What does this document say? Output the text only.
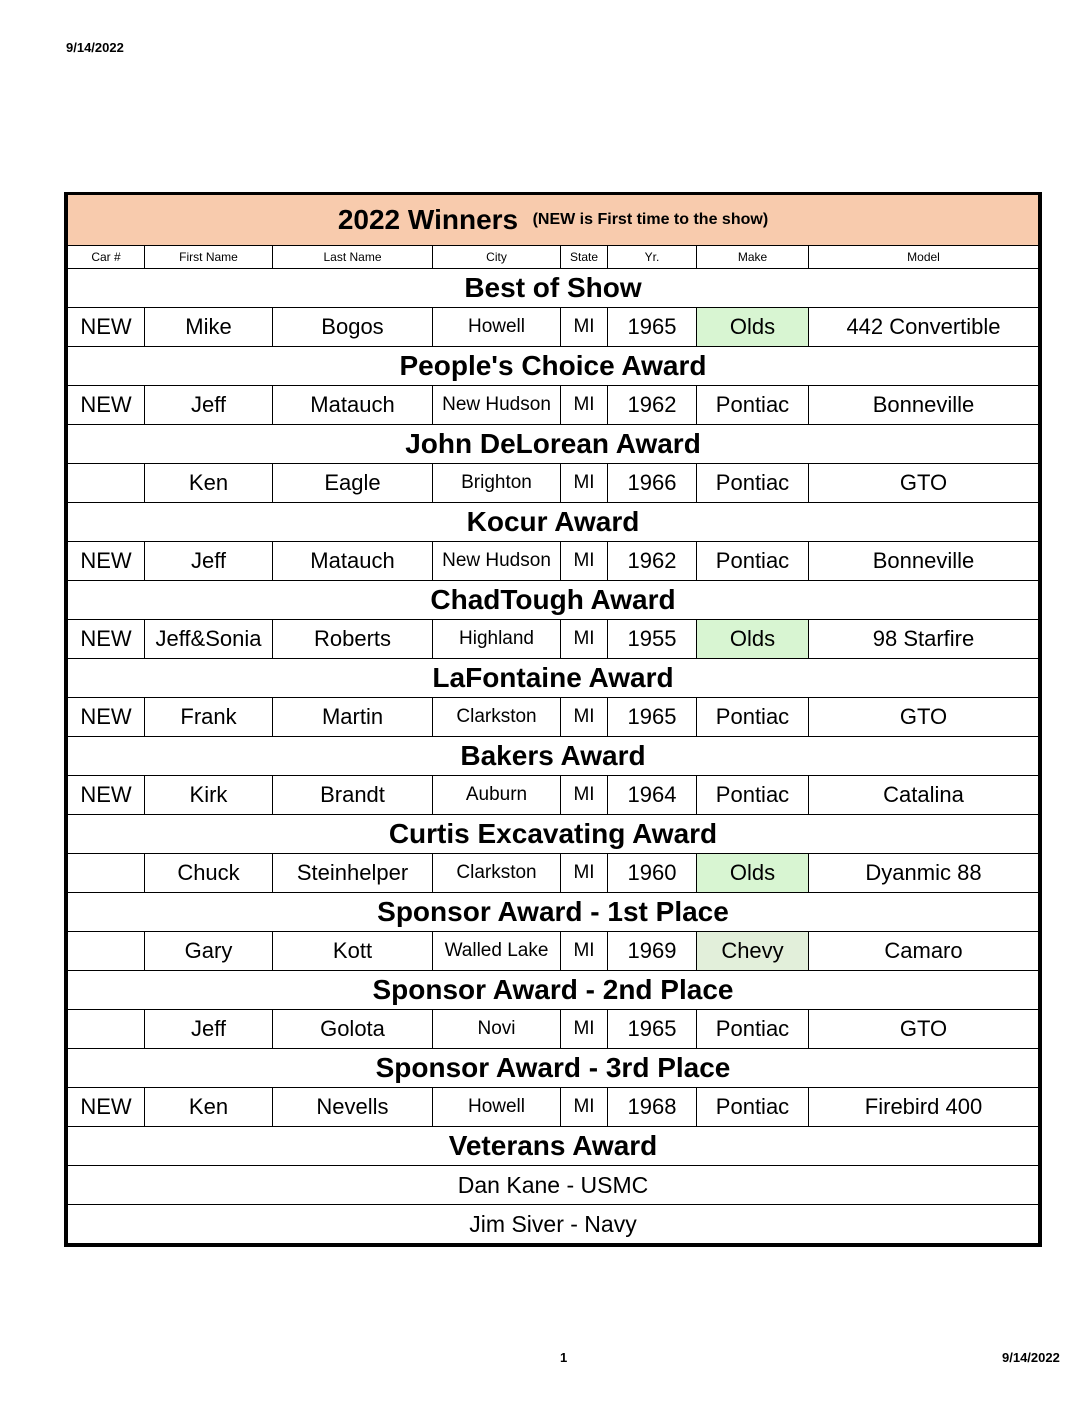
9/14/2022
2022 Winners (NEW is First time to the show)							
Car #	First Name	Last Name	City	State	Yr.	Make	Model
Best of Show							
NEW	Mike	Bogos	Howell	MI	1965	Olds	442 Convertible
People's Choice Award							
NEW	Jeff	Matauch	New Hudson	MI	1962	Pontiac	Bonneville
John DeLorean Award							
	Ken	Eagle	Brighton	MI	1966	Pontiac	GTO
Kocur Award							
NEW	Jeff	Matauch	New Hudson	MI	1962	Pontiac	Bonneville
ChadTough Award							
NEW	Jeff&Sonia	Roberts	Highland	MI	1955	Olds	98 Starfire
LaFontaine Award							
NEW	Frank	Martin	Clarkston	MI	1965	Pontiac	GTO
Bakers Award							
NEW	Kirk	Brandt	Auburn	MI	1964	Pontiac	Catalina
Curtis Excavating Award							
	Chuck	Steinhelper	Clarkston	MI	1960	Olds	Dyanmic 88
Sponsor Award - 1st Place							
	Gary	Kott	Walled Lake	MI	1969	Chevy	Camaro
Sponsor Award - 2nd Place							
	Jeff	Golota	Novi	MI	1965	Pontiac	GTO
Sponsor Award - 3rd Place							
NEW	Ken	Nevells	Howell	MI	1968	Pontiac	Firebird 400
Veterans Award							
Dan Kane - USMC							
Jim Siver - Navy							
1	9/14/2022
